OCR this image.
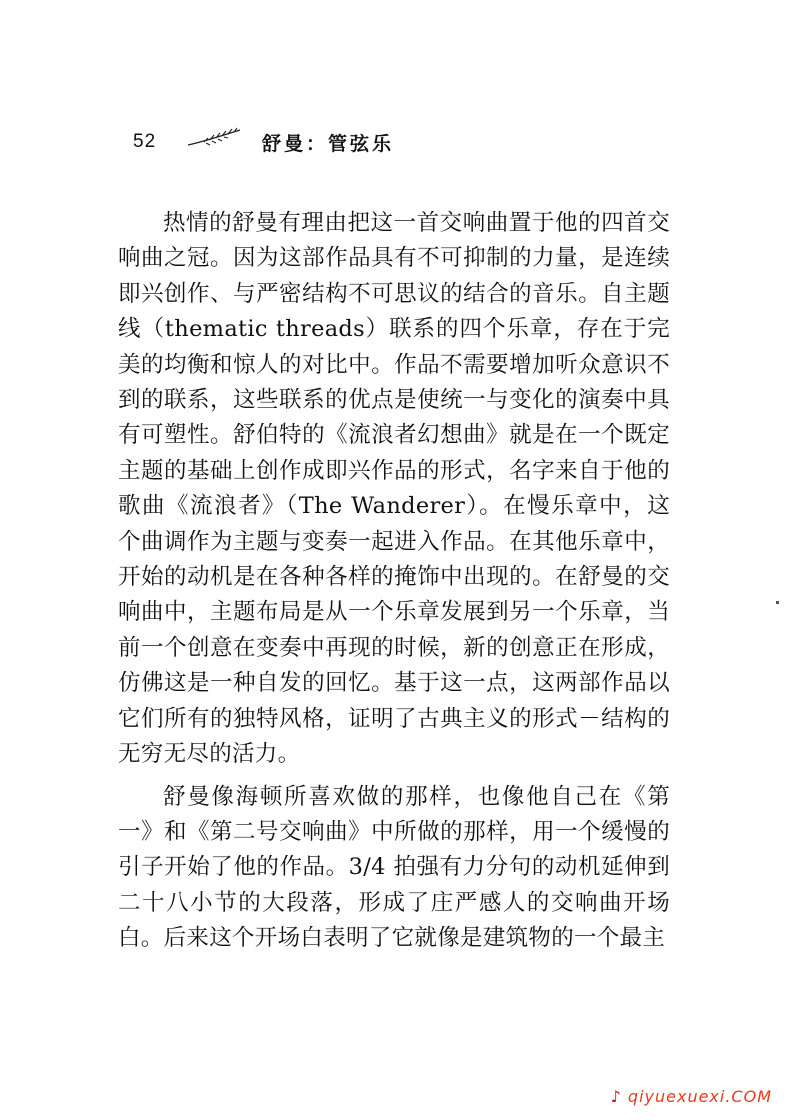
52	舒曼：管弦乐

热情的舒曼有理由把这一首交响曲置于他的四首交响曲之冠。因为这部作品具有不可抑制的力量，是连续即兴创作、与严密结构不可思议的结合的音乐。自主题线（thematic threads）联系的四个乐章，存在于完美的均衡和惊人的对比中。作品不需要增加听众意识不到的联系，这些联系的优点是使统一与变化的演奏中具有可塑性。舒伯特的《流浪者幻想曲》就是在一个既定主题的基础上创作成即兴作品的形式，名字来自于他的歌曲《流浪者》（The Wanderer）。在慢乐章中，这个曲调作为主题与变奏一起进入作品。在其他乐章中，开始的动机是在各种各样的掩饰中出现的。在舒曼的交响曲中，主题布局是从一个乐章发展到另一个乐章，当前一个创意在变奏中再现的时候，新的创意正在形成，仿佛这是一种自发的回忆。基于这一点，这两部作品以它们所有的独特风格，证明了古典主义的形式－结构的无穷无尽的活力。

舒曼像海顿所喜欢做的那样，也像他自己在《第一》和《第二号交响曲》中所做的那样，用一个缓慢的引子开始了他的作品。3/4 拍强有力分句的动机延伸到二十八小节的大段落，形成了庄严感人的交响曲开场白。后来这个开场白表明了它就像是建筑物的一个最主

♪ qiyuexuexi.COM
